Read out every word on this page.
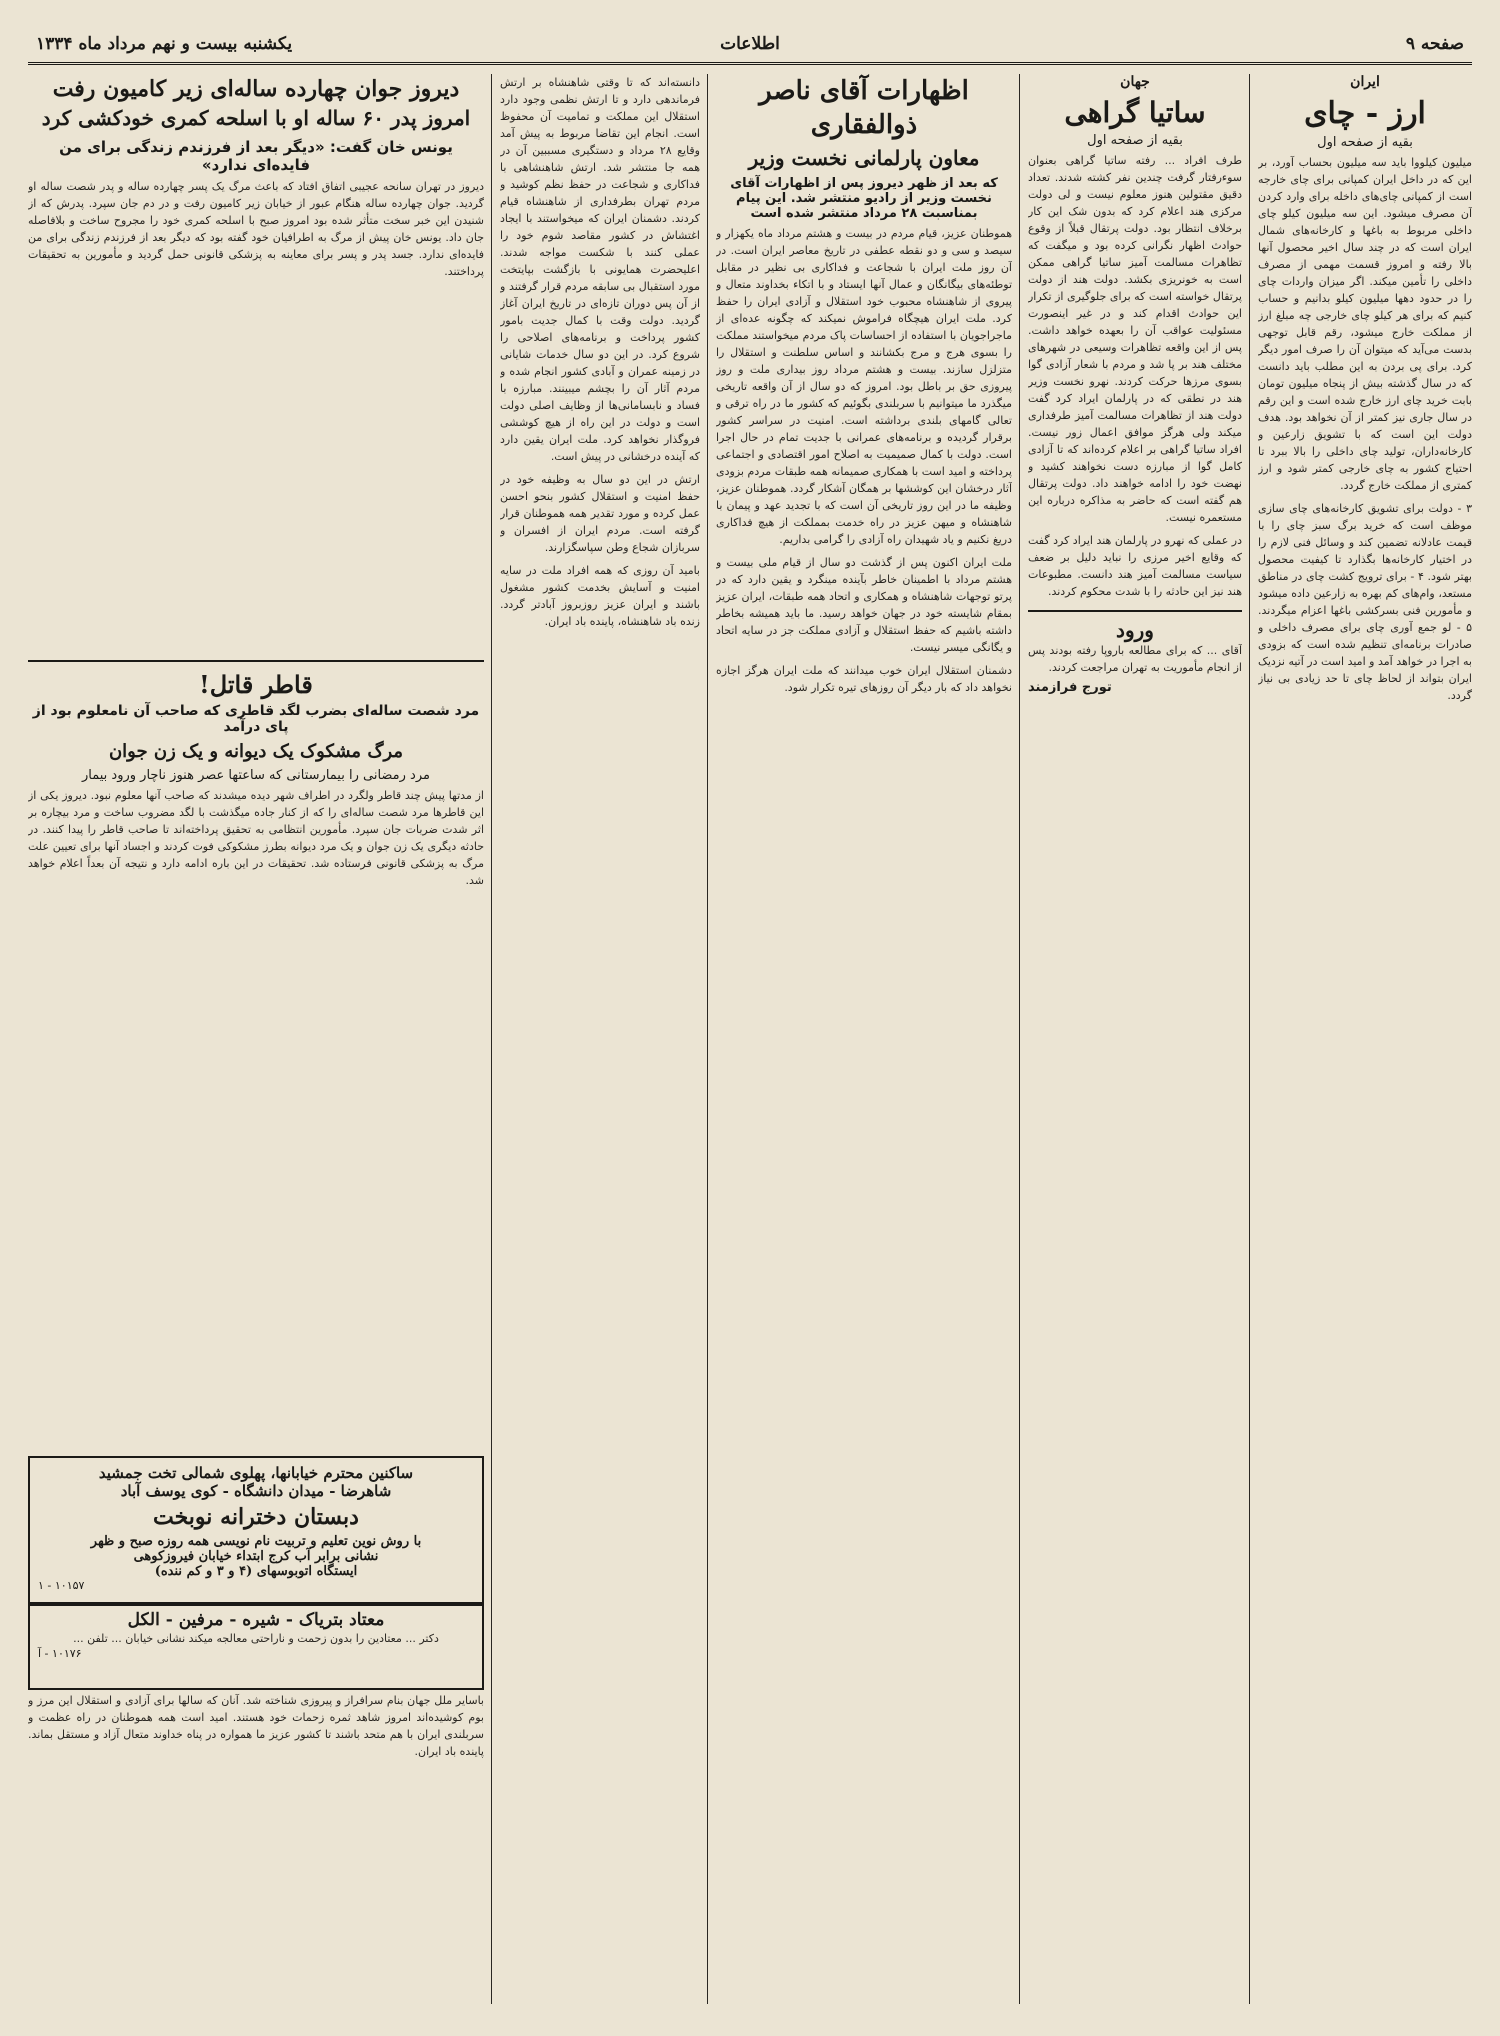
صفحه ۹
اطلاعات
یکشنبه بیست و نهم مرداد ماه ۱۳۳۴

ایران

ارز - چای

بقیه از صفحه اول

میلیون کیلووا باید سه میلیون بحساب آورد، بر این که در داخل ایران کمپانی برای چای خارجه است از کمپانی چای‌های داخله برای وارد کردن آن مصرف میشود. این سه میلیون کیلو چای داخلی مربوط به باغها و کارخانه‌های شمال ایران است که در چند سال اخیر محصول آنها بالا رفته و امروز قسمت مهمی از مصرف داخلی را تأمین میکند. اگر میزان واردات چای را در حدود دهها میلیون کیلو بدانیم و حساب کنیم که برای هر کیلو چای خارجی چه مبلغ ارز از مملکت خارج میشود، رقم قابل توجهی بدست می‌آید که میتوان آن را صرف امور دیگر کرد. برای پی بردن به این مطلب باید دانست که در سال گذشته بیش از پنجاه میلیون تومان بابت خرید چای ارز خارج شده است و این رقم در سال جاری نیز کمتر از آن نخواهد بود. هدف دولت این است که با تشویق زارعین و کارخانه‌داران، تولید چای داخلی را بالا ببرد تا احتیاج کشور به چای خارجی کمتر شود و ارز کمتری از مملکت خارج گردد.

۳ - دولت برای تشویق کارخانه‌های چای سازی موظف است که خرید برگ سبز چای را با قیمت عادلانه تضمین کند و وسائل فنی لازم را در اختیار کارخانه‌ها بگذارد تا کیفیت محصول بهتر شود. ۴ - برای ترویج کشت چای در مناطق مستعد، وام‌های کم بهره به زارعین داده میشود و مأمورین فنی بسرکشی باغها اعزام میگردند. ۵ - لو جمع آوری چای برای مصرف داخلی و صادرات برنامه‌ای تنظیم شده است که بزودی به اجرا در خواهد آمد و امید است در آتیه نزدیک ایران بتواند از لحاظ چای تا حد زیادی بی نیاز گردد.

جهان

ساتیا گراهی

بقیه از صفحه اول

طرف افراد ... رفته ساتیا گراهی بعنوان سوءرفتار گرفت چندین نفر کشته شدند. تعداد دقیق مقتولین هنوز معلوم نیست و لی دولت مرکزی هند اعلام کرد که بدون شک این کار برخلاف انتظار بود. دولت پرتقال قبلاً از وقوع حوادث اظهار نگرانی کرده بود و میگفت که تظاهرات مسالمت آمیز ساتیا گراهی ممکن است به خونریزی بکشد. دولت هند از دولت پرتقال خواسته است که برای جلوگیری از تکرار این حوادث اقدام کند و در غیر اینصورت مسئولیت عواقب آن را بعهده خواهد داشت. پس از این واقعه تظاهرات وسیعی در شهرهای مختلف هند بر پا شد و مردم با شعار آزادی گوا بسوی مرزها حرکت کردند. نهرو نخست وزیر هند در نطقی که در پارلمان ایراد کرد گفت دولت هند از تظاهرات مسالمت آمیز طرفداری میکند ولی هرگز موافق اعمال زور نیست. افراد ساتیا گراهی بر اعلام کرده‌اند که تا آزادی کامل گوا از مبارزه دست نخواهند کشید و نهضت خود را ادامه خواهند داد. دولت پرتقال هم گفته است که حاضر به مذاکره درباره این مستعمره نیست.

در عملی که نهرو در پارلمان هند ایراد کرد گفت که وقایع اخیر مرزی را نباید دلیل بر ضعف سیاست مسالمت آمیز هند دانست. مطبوعات هند نیز این حادثه را با شدت محکوم کردند.

ورود

آقای ... که برای مطالعه باروپا رفته بودند پس از انجام مأموریت به تهران مراجعت کردند.

تورج فرازمند

اظهارات آقای ناصر ذوالفقاری

معاون پارلمانی نخست وزیر

که بعد از ظهر دیروز پس از اظهارات آقای نخست وزیر از رادیو منتشر شد. این پیام بمناسبت ۲۸ مرداد منتشر شده است

هموطنان عزیز، قیام مردم در بیست و هشتم مرداد ماه یکهزار و سیصد و سی و دو نقطه عطفی در تاریخ معاصر ایران است. در آن روز ملت ایران با شجاعت و فداکاری بی نظیر در مقابل توطئه‌های بیگانگان و عمال آنها ایستاد و با اتکاء بخداوند متعال و پیروی از شاهنشاه محبوب خود استقلال و آزادی ایران را حفظ کرد. ملت ایران هیچگاه فراموش نمیکند که چگونه عده‌ای از ماجراجویان با استفاده از احساسات پاک مردم میخواستند مملکت را بسوی هرج و مرج بکشانند و اساس سلطنت و استقلال را متزلزل سازند. بیست و هشتم مرداد روز بیداری ملت و روز پیروزی حق بر باطل بود. امروز که دو سال از آن واقعه تاریخی میگذرد ما میتوانیم با سربلندی بگوئیم که کشور ما در راه ترقی و تعالی گامهای بلندی برداشته است. امنیت در سراسر کشور برقرار گردیده و برنامه‌های عمرانی با جدیت تمام در حال اجرا است. دولت با کمال صمیمیت به اصلاح امور اقتصادی و اجتماعی پرداخته و امید است با همکاری صمیمانه همه طبقات مردم بزودی آثار درخشان این کوششها بر همگان آشکار گردد. هموطنان عزیز، وظیفه ما در این روز تاریخی آن است که با تجدید عهد و پیمان با شاهنشاه و میهن عزیز در راه خدمت بمملکت از هیچ فداکاری دریغ نکنیم و یاد شهیدان راه آزادی را گرامی بداریم.

ملت ایران اکنون پس از گذشت دو سال از قیام ملی بیست و هشتم مرداد با اطمینان خاطر بآینده مینگرد و یقین دارد که در پرتو توجهات شاهنشاه و همکاری و اتحاد همه طبقات، ایران عزیز بمقام شایسته خود در جهان خواهد رسید. ما باید همیشه بخاطر داشته باشیم که حفظ استقلال و آزادی مملکت جز در سایه اتحاد و یگانگی میسر نیست.

دشمنان استقلال ایران خوب میدانند که ملت ایران هرگز اجازه نخواهد داد که بار دیگر آن روزهای تیره تکرار شود.

دانسته‌اند که تا وقتی شاهنشاه بر ارتش فرماندهی دارد و تا ارتش نظمی وجود دارد استقلال این مملکت و تمامیت آن محفوظ است. انجام این تقاضا مربوط به پیش آمد وقایع ۲۸ مرداد و دستگیری مسببین آن در همه جا منتشر شد. ارتش شاهنشاهی با فداکاری و شجاعت در حفظ نظم کوشید و مردم تهران بطرفداری از شاهنشاه قیام کردند. دشمنان ایران که میخواستند با ایجاد اغتشاش در کشور مقاصد شوم خود را عملی کنند با شکست مواجه شدند. اعلیحضرت همایونی با بازگشت بپایتخت مورد استقبال بی سابقه مردم قرار گرفتند و از آن پس دوران تازه‌ای در تاریخ ایران آغاز گردید. دولت وقت با کمال جدیت بامور کشور پرداخت و برنامه‌های اصلاحی را شروع کرد. در این دو سال خدمات شایانی در زمینه عمران و آبادی کشور انجام شده و مردم آثار آن را بچشم میبینند. مبارزه با فساد و نابسامانی‌ها از وظایف اصلی دولت است و دولت در این راه از هیچ کوششی فروگذار نخواهد کرد. ملت ایران یقین دارد که آینده درخشانی در پیش است.

ارتش در این دو سال به وظیفه خود در حفظ امنیت و استقلال کشور بنحو احسن عمل کرده و مورد تقدیر همه هموطنان قرار گرفته است. مردم ایران از افسران و سربازان شجاع وطن سپاسگزارند.

بامید آن روزی که همه افراد ملت در سایه امنیت و آسایش بخدمت کشور مشغول باشند و ایران عزیز روزبروز آبادتر گردد. زنده باد شاهنشاه، پاینده باد ایران.

دیروز جوان چهارده ساله‌ای زیر کامیون رفت

امروز پدر ۶۰ ساله او با اسلحه کمری خودکشی کرد

یونس خان گفت: «دیگر بعد از فرزندم زندگی برای من فایده‌ای ندارد»

دیروز در تهران سانحه عجیبی اتفاق افتاد که باعث مرگ یک پسر چهارده ساله و پدر شصت ساله او گردید. جوان چهارده ساله هنگام عبور از خیابان زیر کامیون رفت و در دم جان سپرد. پدرش که از شنیدن این خبر سخت متأثر شده بود امروز صبح با اسلحه کمری خود را مجروح ساخت و بلافاصله جان داد. یونس خان پیش از مرگ به اطرافیان خود گفته بود که دیگر بعد از فرزندم زندگی برای من فایده‌ای ندارد. جسد پدر و پسر برای معاینه به پزشکی قانونی حمل گردید و مأمورین به تحقیقات پرداختند.

قاطر قاتل!

مرد شصت ساله‌ای بضرب لگد قاطری که صاحب آن نامعلوم بود از پای درآمد

مرگ مشکوک یک دیوانه و یک زن جوان

مرد رمضانی را بیمارستانی که ساعتها عصر هنوز ناچار ورود بیمار

از مدتها پیش چند قاطر ولگرد در اطراف شهر دیده میشدند که صاحب آنها معلوم نبود. دیروز یکی از این قاطرها مرد شصت ساله‌ای را که از کنار جاده میگذشت با لگد مضروب ساخت و مرد بیچاره بر اثر شدت ضربات جان سپرد. مأمورین انتظامی به تحقیق پرداخته‌اند تا صاحب قاطر را پیدا کنند. در حادثه دیگری یک زن جوان و یک مرد دیوانه بطرز مشکوکی فوت کردند و اجساد آنها برای تعیین علت مرگ به پزشکی قانونی فرستاده شد. تحقیقات در این باره ادامه دارد و نتیجه آن بعداً اعلام خواهد شد.

ساکنین محترم خیابانها، پهلوی شمالی تخت جمشید

شاهرضا - میدان دانشگاه - کوی یوسف آباد

دبستان دخترانه نوبخت

با روش نوین تعلیم و تربیت نام نویسی همه روزه صبح و ظهر

نشانی برابر آب کرج ابتداء خیابان فیروزکوهی

ایستگاه اتوبوسهای (۴ و ۳ و کم ننده)

۱۰۱۵۷ - ۱

معتاد بتریاک - شیره - مرفین - الکل

دکتر ... معتادین را بدون زحمت و ناراحتی معالجه میکند نشانی خیابان ... تلفن ...

۱۰۱۷۶ - آ

باسایر ملل جهان بنام سرافراز و پیروزی شناخته شد. آنان که سالها برای آزادی و استقلال این مرز و بوم کوشیده‌اند امروز شاهد ثمره زحمات خود هستند. امید است همه هموطنان در راه عظمت و سربلندی ایران با هم متحد باشند تا کشور عزیز ما همواره در پناه خداوند متعال آزاد و مستقل بماند. پاینده باد ایران.
